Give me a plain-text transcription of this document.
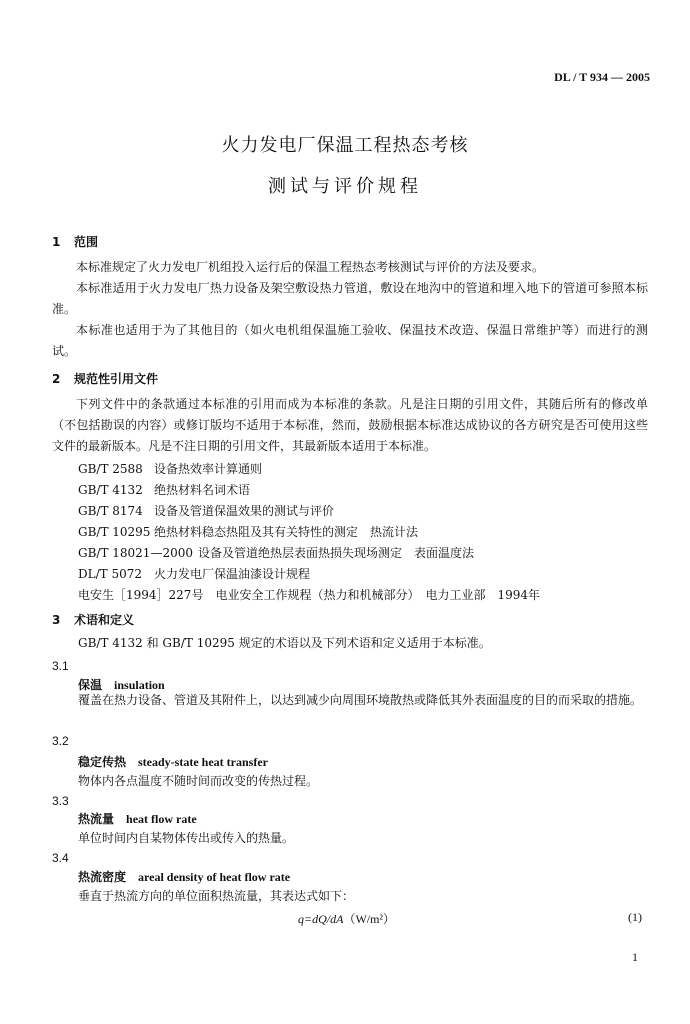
DL / T 934 — 2005
火力发电厂保温工程热态考核
测试与评价规程
1 范围
本标准规定了火力发电厂机组投入运行后的保温工程热态考核测试与评价的方法及要求。
本标准适用于火力发电厂热力设备及架空敷设热力管道，敷设在地沟中的管道和埋入地下的管道可参照本标准。
本标准也适用于为了其他目的（如火电机组保温施工验收、保温技术改造、保温日常维护等）而进行的测试。
2 规范性引用文件
下列文件中的条款通过本标准的引用而成为本标准的条款。凡是注日期的引用文件，其随后所有的修改单（不包括勘误的内容）或修订版均不适用于本标准，然而，鼓励根据本标准达成协议的各方研究是否可使用这些文件的最新版本。凡是不注日期的引用文件，其最新版本适用于本标准。
GB/T 2588 设备热效率计算通则
GB/T 4132 绝热材料名词术语
GB/T 8174 设备及管道保温效果的测试与评价
GB/T 10295 绝热材料稳态热阻及其有关特性的测定　热流计法
GB/T 18021—2000 设备及管道绝热层表面热损失现场测定　表面温度法
DL/T 5072 火力发电厂保温油漆设计规程
电安生［1994］227号　电业安全工作规程（热力和机械部分）　电力工业部　1994年
3 术语和定义
GB/T 4132 和 GB/T 10295 规定的术语以及下列术语和定义适用于本标准。
3.1
保温 insulation
覆盖在热力设备、管道及其附件上，以达到减少向周围环境散热或降低其外表面温度的目的而采取的措施。
3.2
稳定传热 steady-state heat transfer
物体内各点温度不随时间而改变的传热过程。
3.3
热流量 heat flow rate
单位时间内自某物体传出或传入的热量。
3.4
热流密度 areal density of heat flow rate
垂直于热流方向的单位面积热流量，其表达式如下：
q=dQ/dA（W/m²）	(1)
1
